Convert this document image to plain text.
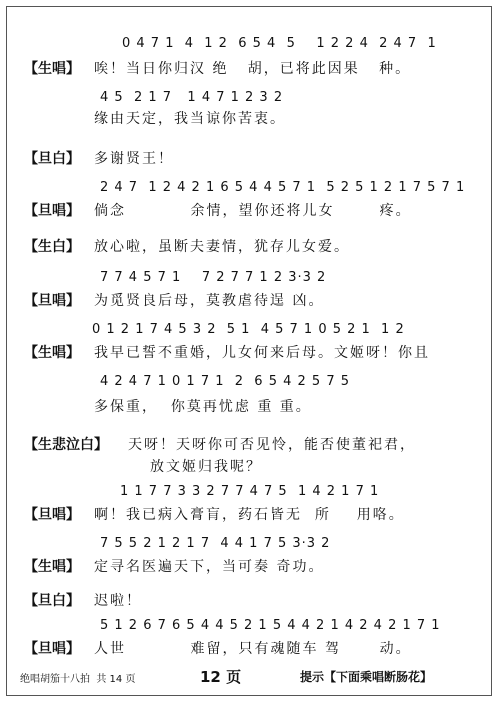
0 4 7 1  4  1 2  6 5 4  5    1 2 2 4  2 4 7  1
【生唱】 唉！当日你归汉 绝   胡，已将此因果   种。
4 5  2 1 7   1 4 7 1 2 3 2
缘由天定，我当谅你苦衷。
【旦白】 多谢贤王！
2 4 7  1 2 4 2 1 6 5 4 4 5 7 1  5 2 5 1 2 1 7 5 7 1
【旦唱】 倘念          余情，望你还将儿女       疼。
【生白】 放心啦，虽断夫妻情，犹存儿女爱。
7 7 4 5 7 1    7 2 7 7 1 2 3·3 2
【旦唱】 为觅贤良后母，莫教虐待逞 凶。
0 1 2 1 7 4 5 3 2  5 1  4 5 7 1 0 5 2 1  1 2
【生唱】 我早已誓不重婚，儿女何来后母。文姬呀！你且
4 2 4 7 1 0 1 7 1  2  6 5 4 2 5 7 5
多保重，  你莫再忧虑 重 重。
【生悲泣白】 天呀！天呀你可否见怜，能否使董祀君，
放文姬归我呢？
1 1 7 7 3 3 2 7 7 4 7 5  1 4 2 1 7 1
【旦唱】 啊！我已病入膏肓，药石皆无  所    用咯。
7 5 5 2 1 2 1 7  4 4 1 7 5 3·3 2
【生唱】 定寻名医遍天下，当可奏 奇功。
【旦白】 迟啦！
5 1 2 6 7 6 5 4 4 5 2 1 5 4 4 2 1 4 2 4 2 1 7 1
【旦唱】 人世          难留，只有魂随车 驾      动。
绝唱胡笳十八拍  共 14 页	12 页	提示【下面乘唱断肠花】
